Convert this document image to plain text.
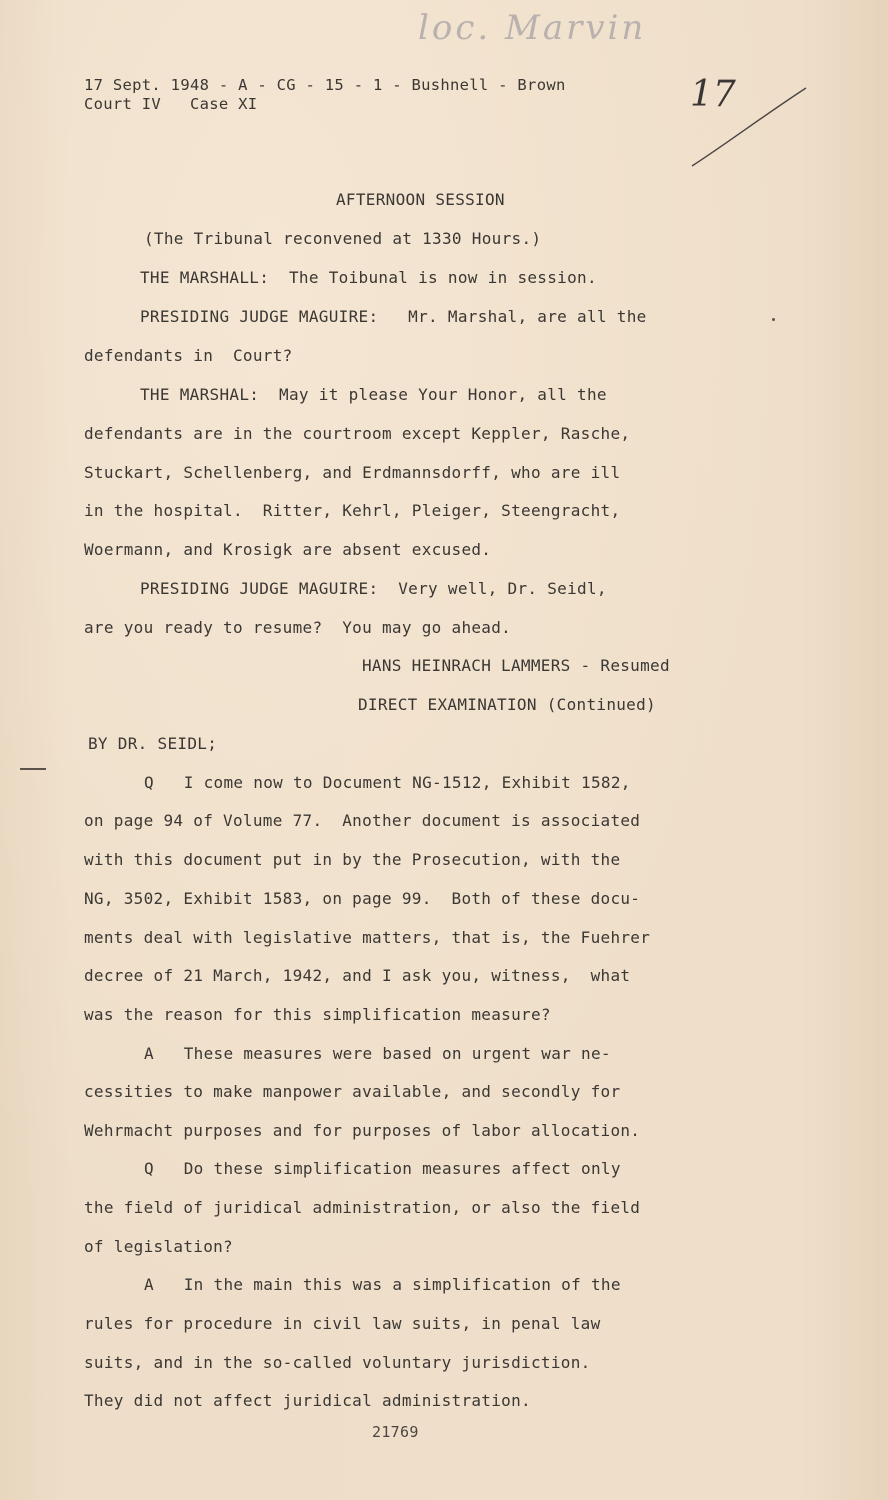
loc. Marvin
17
17 Sept. 1948 - A - CG - 15 - 1 - Bushnell - Brown
Court IV   Case XI
AFTERNOON SESSION
(The Tribunal reconvened at 1330 Hours.)
THE MARSHALL:  The Toibunal is now in session.
PRESIDING JUDGE MAGUIRE:   Mr. Marshal, are all the
defendants in  Court?
THE MARSHAL:  May it please Your Honor, all the
defendants are in the courtroom except Keppler, Rasche,
Stuckart, Schellenberg, and Erdmannsdorff, who are ill
in the hospital.  Ritter, Kehrl, Pleiger, Steengracht,
Woermann, and Krosigk are absent excused.
PRESIDING JUDGE MAGUIRE:  Very well, Dr. Seidl,
are you ready to resume?  You may go ahead.
HANS HEINRACH LAMMERS - Resumed
DIRECT EXAMINATION (Continued)
BY DR. SEIDL;
Q   I come now to Document NG-1512, Exhibit 1582,
on page 94 of Volume 77.  Another document is associated
with this document put in by the Prosecution, with the
NG, 3502, Exhibit 1583, on page 99.  Both of these docu-
ments deal with legislative matters, that is, the Fuehrer
decree of 21 March, 1942, and I ask you, witness,  what
was the reason for this simplification measure?
A   These measures were based on urgent war ne-
cessities to make manpower available, and secondly for
Wehrmacht purposes and for purposes of labor allocation.
Q   Do these simplification measures affect only
the field of juridical administration, or also the field
of legislation?
A   In the main this was a simplification of the
rules for procedure in civil law suits, in penal law
suits, and in the so-called voluntary jurisdiction.
They did not affect juridical administration.
21769
